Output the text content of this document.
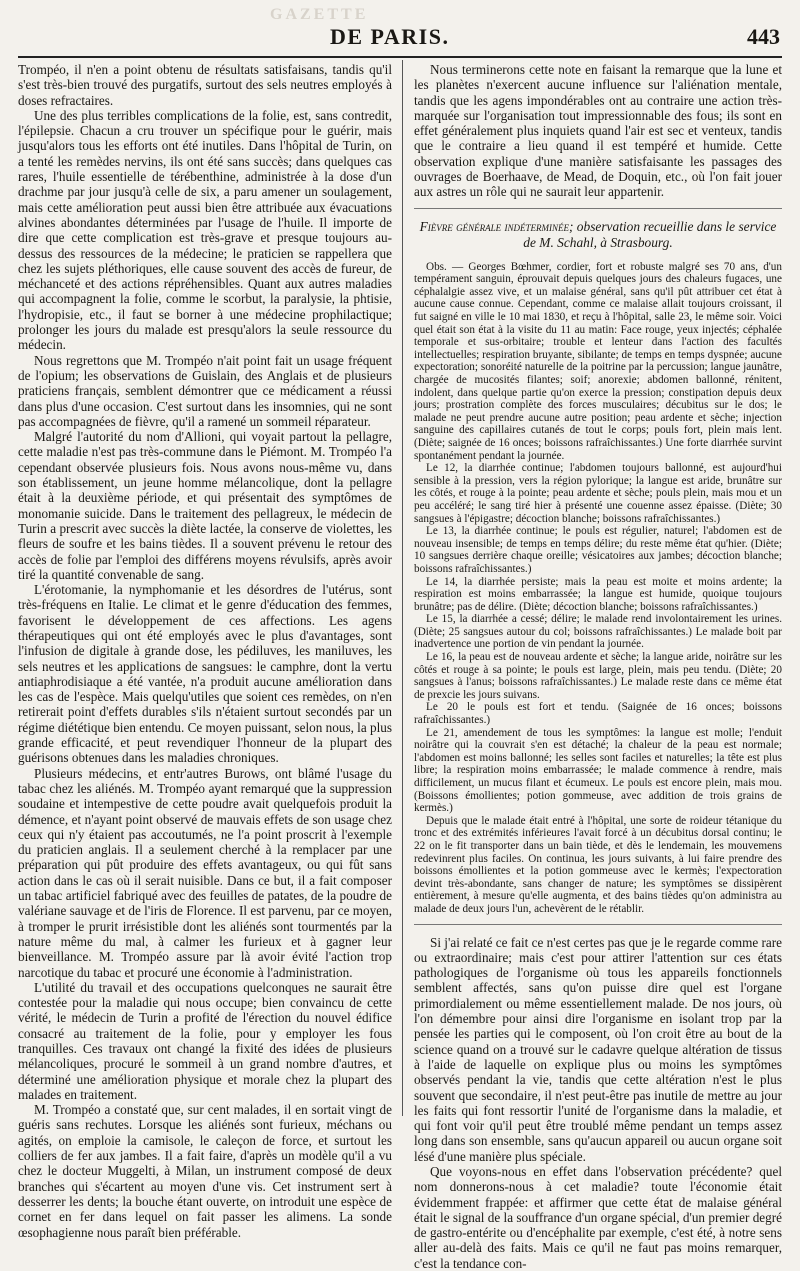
GAZETTE
DE PARIS.	443

Trompéo, il n'en a point obtenu de résultats satisfaisans, tandis qu'il s'est très-bien trouvé des purgatifs, surtout des sels neutres employés à doses refractaires.

Une des plus terribles complications de la folie, est, sans contredit, l'épilepsie. Chacun a cru trouver un spécifique pour le guérir, mais jusqu'alors tous les efforts ont été inutiles. Dans l'hôpital de Turin, on a tenté les remèdes nervins, ils ont été sans succès; dans quelques cas rares, l'huile essentielle de térébenthine, administrée à la dose d'un drachme par jour jusqu'à celle de six, a paru amener un soulagement, mais cette amélioration peut aussi bien être attribuée aux évacuations alvines abondantes déterminées par l'usage de l'huile. Il importe de dire que cette complication est très-grave et presque toujours au-dessus des ressources de la médecine; le praticien se rappellera que chez les sujets pléthoriques, elle cause souvent des accès de fureur, de méchanceté et des actions répréhensibles. Quant aux autres maladies qui accompagnent la folie, comme le scorbut, la paralysie, la phtisie, l'hydropisie, etc., il faut se borner à une médecine prophilactique; prolonger les jours du malade est presqu'alors la seule ressource du médecin.

Nous regrettons que M. Trompéo n'ait point fait un usage fréquent de l'opium; les observations de Guislain, des Anglais et de plusieurs praticiens français, semblent démontrer que ce médicament a réussi dans plus d'une occasion. C'est surtout dans les insomnies, qui ne sont pas accompagnées de fièvre, qu'il a ramené un sommeil réparateur.

Malgré l'autorité du nom d'Allioni, qui voyait partout la pellagre, cette maladie n'est pas très-commune dans le Piémont. M. Trompéo l'a cependant observée plusieurs fois. Nous avons nous-même vu, dans son établissement, un jeune homme mélancolique, dont la pellagre était à la deuxième période, et qui présentait des symptômes de monomanie suicide. Dans le traitement des pellagreux, le médecin de Turin a prescrit avec succès la diète lactée, la conserve de violettes, les fleurs de soufre et les bains tièdes. Il a souvent prévenu le retour des accès de folie par l'emploi des différens moyens révulsifs, après avoir tiré la quantité convenable de sang.

L'érotomanie, la nymphomanie et les désordres de l'utérus, sont très-fréquens en Italie. Le climat et le genre d'éducation des femmes, favorisent le développement de ces affections. Les agens thérapeutiques qui ont été employés avec le plus d'avantages, sont l'infusion de digitale à grande dose, les pédiluves, les maniluves, les sels neutres et les applications de sangsues: le camphre, dont la vertu antiaphrodisiaque a été vantée, n'a produit aucune amélioration dans les cas de l'espèce. Mais quelqu'utiles que soient ces remèdes, on n'en retirerait point d'effets durables s'ils n'étaient surtout secondés par un régime diététique bien entendu. Ce moyen puissant, selon nous, la plus grande efficacité, et peut revendiquer l'honneur de la plupart des guérisons obtenues dans les maladies chroniques.

Plusieurs médecins, et entr'autres Burows, ont blâmé l'usage du tabac chez les aliénés. M. Trompéo ayant remarqué que la suppression soudaine et intempestive de cette poudre avait quelquefois produit la démence, et n'ayant point observé de mauvais effets de son usage chez ceux qui n'y étaient pas accoutumés, ne l'a point proscrit à l'exemple du praticien anglais. Il a seulement cherché à la remplacer par une préparation qui pût produire des effets avantageux, ou qui fût sans action dans le cas où il serait nuisible. Dans ce but, il a fait composer un tabac artificiel fabriqué avec des feuilles de patates, de la poudre de valériane sauvage et de l'iris de Florence. Il est parvenu, par ce moyen, à tromper le prurit irrésistible dont les aliénés sont tourmentés par la nature même du mal, à calmer les furieux et à gagner leur bienveillance. M. Trompéo assure par là avoir évité l'action trop narcotique du tabac et procuré une économie à l'administration.

L'utilité du travail et des occupations quelconques ne saurait être contestée pour la maladie qui nous occupe; bien convaincu de cette vérité, le médecin de Turin a profité de l'érection du nouvel édifice consacré au traitement de la folie, pour y employer les fous tranquilles. Ces travaux ont changé la fixité des idées de plusieurs mélancoliques, procuré le sommeil à un grand nombre d'autres, et déterminé une amélioration physique et morale chez la plupart des malades en traitement.

M. Trompéo a constaté que, sur cent malades, il en sortait vingt de guéris sans rechutes. Lorsque les aliénés sont furieux, méchans ou agités, on emploie la camisole, le caleçon de force, et surtout les colliers de fer aux jambes. Il a fait faire, d'après un modèle qu'il a vu chez le docteur Muggelti, à Milan, un instrument composé de deux branches qui s'écartent au moyen d'une vis. Cet instrument sert à desserrer les dents; la bouche étant ouverte, on introduit une espèce de cornet en fer dans lequel on fait passer les alimens. La sonde œsophagienne nous paraît bien préférable.

Nous terminerons cette note en faisant la remarque que la lune et les planètes n'exercent aucune influence sur l'aliénation mentale, tandis que les agens impondérables ont au contraire une action très-marquée sur l'organisation tout impressionnable des fous; ils sont en effet généralement plus inquiets quand l'air est sec et venteux, tandis que le contraire a lieu quand il est tempéré et humide. Cette observation explique d'une manière satisfaisante les passages des ouvrages de Boerhaave, de Mead, de Doquin, etc., où l'on fait jouer aux astres un rôle qui ne saurait leur appartenir.

Fièvre générale indéterminée; observation recueillie dans le service de M. Schahl, à Strasbourg.

Obs. — Georges Bœhmer, cordier, fort et robuste malgré ses 70 ans, d'un tempérament sanguin, éprouvait depuis quelques jours des chaleurs fugaces, une céphalalgie assez vive, et un malaise général, sans qu'il pût attribuer cet état à aucune cause connue. Cependant, comme ce malaise allait toujours croissant, il fut saigné en ville le 10 mai 1830, et reçu à l'hôpital, salle 23, le même soir. Voici quel était son état à la visite du 11 au matin: Face rouge, yeux injectés; céphalée temporale et sus-orbitaire; trouble et lenteur dans l'action des facultés intellectuelles; respiration bruyante, sibilante; de temps en temps dyspnée; aucune expectoration; sonoréité naturelle de la poitrine par la percussion; langue jaunâtre, chargée de mucosités filantes; soif; anorexie; abdomen ballonné, rénitent, indolent, dans quelque partie qu'on exerce la pression; constipation depuis deux jours; prostration complète des forces musculaires; décubitus sur le dos; le malade ne peut prendre aucune autre position; peau ardente et sèche; injection sanguine des capillaires cutanés de tout le corps; pouls fort, plein mais lent. (Diète; saignée de 16 onces; boissons rafraîchissantes.) Une forte diarrhée survint spontanément pendant la journée.

Le 12, la diarrhée continue; l'abdomen toujours ballonné, est aujourd'hui sensible à la pression, vers la région pylorique; la langue est aride, brunâtre sur les côtés, et rouge à la pointe; peau ardente et sèche; pouls plein, mais mou et un peu accéléré; le sang tiré hier à présenté une couenne assez épaisse. (Diète; 30 sangsues à l'épigastre; décoction blanche; boissons rafraîchissantes.)

Le 13, la diarrhée continue; le pouls est régulier, naturel; l'abdomen est de nouveau insensible; de temps en temps délire; du reste même état qu'hier. (Diète; 10 sangsues derrière chaque oreille; vésicatoires aux jambes; décoction blanche; boissons rafraîchissantes.)

Le 14, la diarrhée persiste; mais la peau est moite et moins ardente; la respiration est moins embarrassée; la langue est humide, quoique toujours brunâtre; pas de délire. (Diète; décoction blanche; boissons rafraîchissantes.)

Le 15, la diarrhée a cessé; délire; le malade rend involontairement les urines. (Diète; 25 sangsues autour du col; boissons rafraîchissantes.) Le malade boit par inadvertence une portion de vin pendant la journée.

Le 16, la peau est de nouveau ardente et sèche; la langue aride, noirâtre sur les côtés et rouge à sa pointe; le pouls est large, plein, mais peu tendu. (Diète; 20 sangsues à l'anus; boissons rafraîchissantes.) Le malade reste dans ce même état de prexcie les jours suivans.

Le 20 le pouls est fort et tendu. (Saignée de 16 onces; boissons rafraîchissantes.)

Le 21, amendement de tous les symptômes: la langue est molle; l'enduit noirâtre qui la couvrait s'en est détaché; la chaleur de la peau est normale; l'abdomen est moins ballonné; les selles sont faciles et naturelles; la tête est plus libre; la respiration moins embarrassée; le malade commence à rendre, mais difficilement, un mucus filant et écumeux. Le pouls est encore plein, mais mou. (Boissons émollientes; potion gommeuse, avec addition de trois grains de kermès.)

Depuis que le malade était entré à l'hôpital, une sorte de roideur tétanique du tronc et des extrémités inférieures l'avait forcé à un décubitus dorsal continu; le 22 on le fit transporter dans un bain tiède, et dès le lendemain, les mouvemens redevinrent plus faciles. On continua, les jours suivants, à lui faire prendre des boissons émollientes et la potion gommeuse avec le kermès; l'expectoration devint très-abondante, sans changer de nature; les symptômes se dissipèrent entièrement, à mesure qu'elle augmenta, et des bains tièdes qu'on administra au malade de deux jours l'un, achevèrent de le rétablir.

Si j'ai relaté ce fait ce n'est certes pas que je le regarde comme rare ou extraordinaire; mais c'est pour attirer l'attention sur ces états pathologiques de l'organisme où tous les appareils fonctionnels semblent affectés, sans qu'on puisse dire quel est l'organe primordialement ou même essentiellement malade. De nos jours, où l'on démembre pour ainsi dire l'organisme en isolant trop par la pensée les parties qui le composent, où l'on croit être au bout de la science quand on a trouvé sur le cadavre quelque altération de tissus à l'aide de laquelle on explique plus ou moins les symptômes observés pendant la vie, tandis que cette altération n'est le plus souvent que secondaire, il n'est peut-être pas inutile de mettre au jour les faits qui font ressortir l'unité de l'organisme dans la maladie, et qui font voir qu'il peut être troublé même pendant un temps assez long dans son ensemble, sans qu'aucun appareil ou aucun organe soit lésé d'une manière plus spéciale.

Que voyons-nous en effet dans l'observation précédente? quel nom donnerons-nous à cet maladie? toute l'économie était évidemment frappée: et affirmer que cette état de malaise général était le signal de la souffrance d'un organe spécial, d'un premier degré de gastro-entérite ou d'encéphalite par exemple, c'est été, à notre sens aller au-delà des faits. Mais ce qu'il ne faut pas moins remarquer, c'est la tendance con-
